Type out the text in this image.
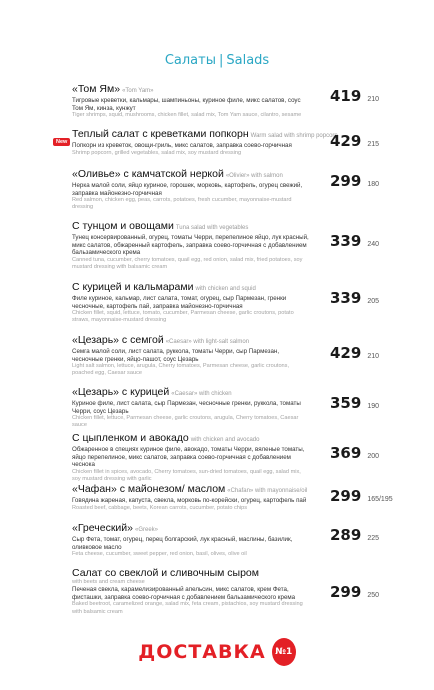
Салаты | Salads
New
«Том Ям» «Tom Yam»
Тигровые креветки, кальмары, шампиньоны, куриное филе, микс салатов, соус Том Ям, кинза, кунжут
Tiger shrimps, squid, mushrooms, chicken fillet, salad mix, Tom Yam sauce, cilantro, sesame
419 210
Теплый салат с креветками попкорн Warm salad with shrimp popcorn
Попкорн из креветок, овощи-гриль, микс салатов, заправка соево-горчичная
Shrimp popcorn, grilled vegetables, salad mix, soy mustard dressing
429 215
«Оливье» с камчатской неркой «Olivier» with salmon
Нерка малой соли, яйцо куриное, горошек, морковь, картофель, огурец свежий, заправка майонезно-горчичная
Red salmon, chicken egg, peas, carrots, potatoes, fresh cucumber, mayonnaise-mustard dressing
299 180
С тунцом и овощами Tuna salad with vegetables
Тунец консервированный, огурец, томаты Черри, перепелиное яйцо, лук красный, микс салатов, обжаренный картофель, заправка соево-горчичная с добавлением бальзамического крема
Canned tuna, cucumber, cherry tomatoes, quail egg, red onion, salad mix, fried potatoes, soy mustard dressing with balsamic cream
339 240
С курицей и кальмарами with chicken and squid
Филе куриное, кальмар, лист салата, томат, огурец, сыр Пармезан, гренки чесночные, картофель пай, заправка майонезно-горчичная
Chicken fillet, squid, lettuce, tomato, cucumber, Parmesan cheese, garlic croutons, potato straws, mayonnaise-mustard dressing
339 205
«Цезарь» с семгой «Caesar» with light-salt salmon
Семга малой соли, лист салата, руккола, томаты Черри, сыр Пармезан, чесночные гренки, яйцо-пашот, соус Цезарь
Light salt salmon, lettuce, arugula, Cherry tomatoes, Parmesan cheese, garlic croutons, poached egg, Caesar sauce
429 210
«Цезарь» с курицей «Caesar» with chicken
Куриное филе, лист салата, сыр Пармезан, чесночные гренки, руккола, томаты Черри, соус Цезарь
Chicken fillet, lettuce, Parmesan cheese, garlic croutons, arugula, Cherry tomatoes, Caesar sauce
359 190
С цыпленком и авокадо with chicken and avocado
Обжаренное в специях куриное филе, авокадо, томаты Черри, вяленые томаты, яйцо перепелиное, микс салатов, заправка соево-горчичная с добавлением чеснока
Chicken fillet in spices, avocado, Cherry tomatoes, sun-dried tomatoes, quail egg, salad mix, soy mustard dressing with garlic
369 200
«Чафан» с майонезом/ маслом «Chafan» with mayonnaise/oil
Говядина жареная, капуста, свекла, морковь по-корейски, огурец, картофель пай
Roasted beef, cabbage, beets, Korean carrots, cucumber, potato chips
299 165/195
«Греческий» «Greek»
Сыр Фета, томат, огурец, перец болгарский, лук красный, маслины, базилик, оливковое масло
Feta cheese, cucumber, sweet pepper, red onion, basil, olives, olive oil
289 225
Салат со свеклой и сливочным сыром
with beets and cream cheese
Печеная свекла, карамелизированный апельсин, микс салатов, крем Фета, фисташки, заправка соево-горчичная с добавлением бальзамического крема
Baked beetroot, caramelized orange, salad mix, feta cream, pistachios, soy mustard dressing with balsamic cream
299 250
ДОСТАВКА №1
